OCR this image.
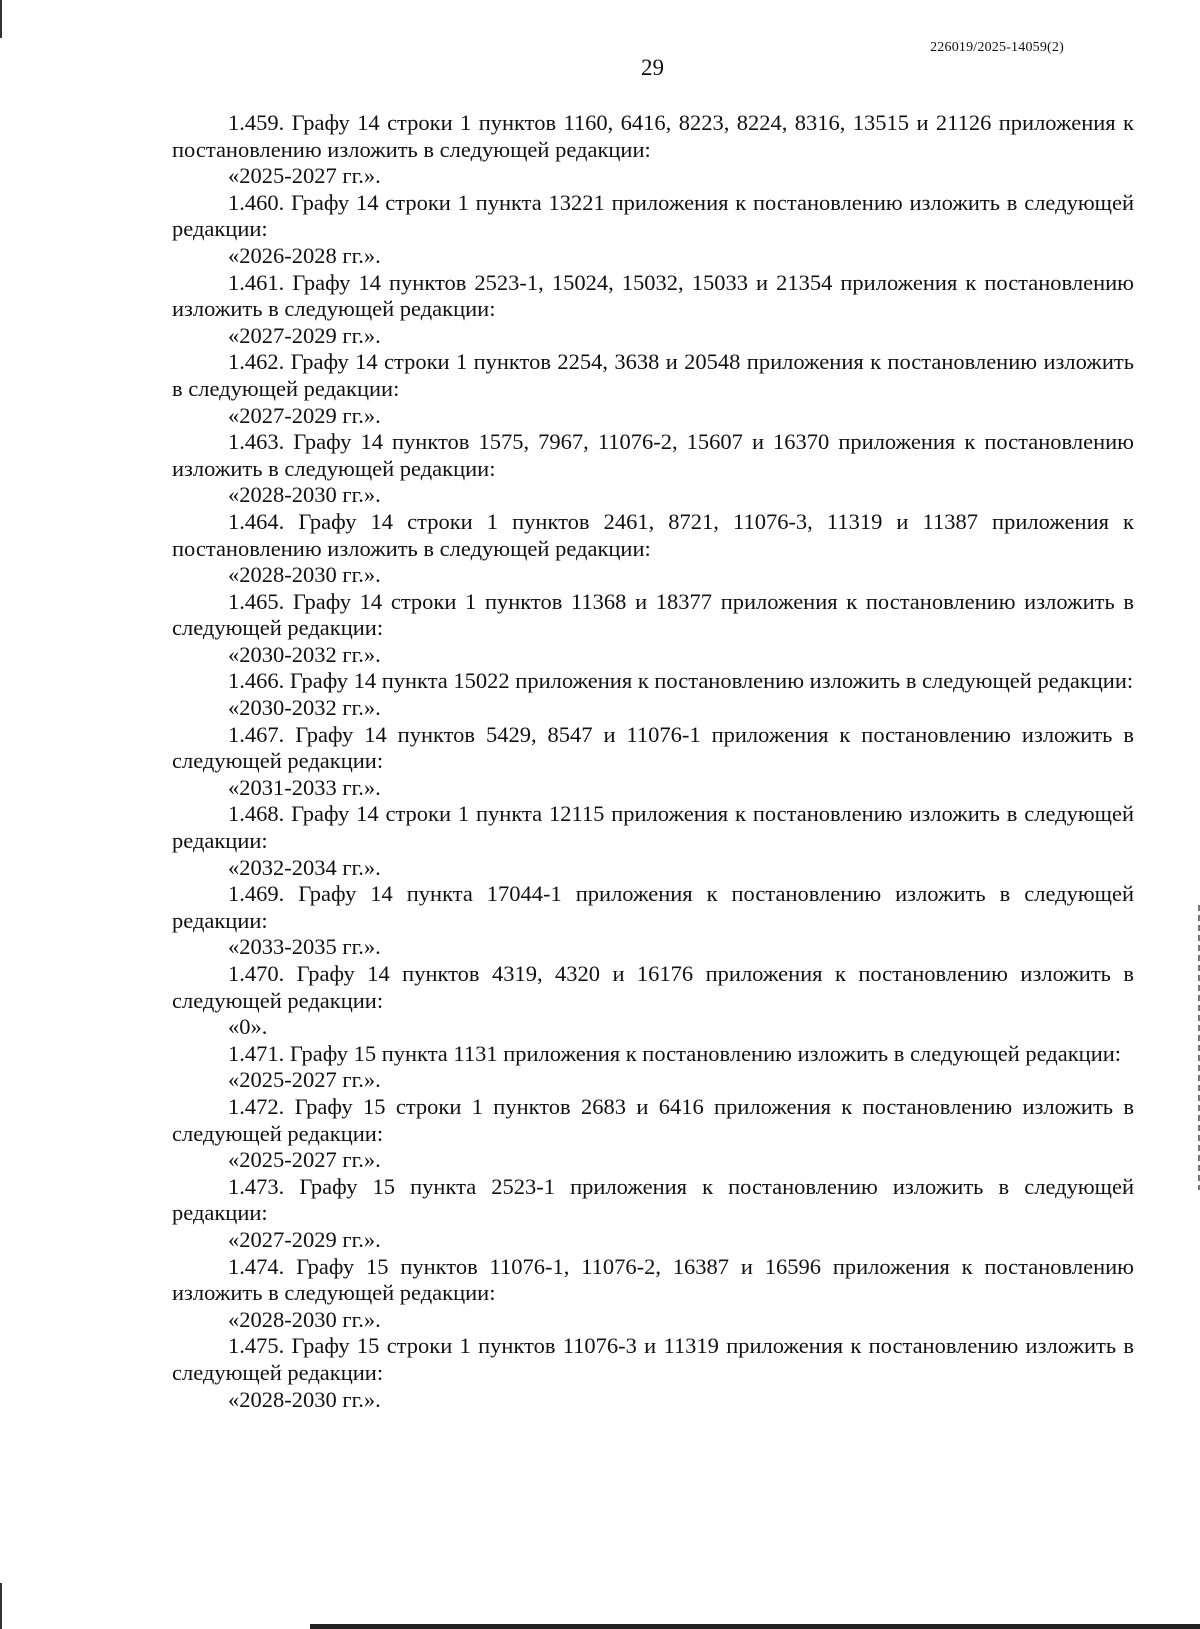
226019/2025-14059(2)
29

1.459. Графу 14 строки 1 пунктов 1160, 6416, 8223, 8224, 8316, 13515 и 21126 приложения к постановлению изложить в следующей редакции:

«2025-2027 гг.».

1.460. Графу 14 строки 1 пункта 13221 приложения к постановлению изложить в следующей редакции:

«2026-2028 гг.».

1.461. Графу 14 пунктов 2523-1, 15024, 15032, 15033 и 21354 приложения к постановлению изложить в следующей редакции:

«2027-2029 гг.».

1.462. Графу 14 строки 1 пунктов 2254, 3638 и 20548 приложения к постановлению изложить в следующей редакции:

«2027-2029 гг.».

1.463. Графу 14 пунктов 1575, 7967, 11076-2, 15607 и 16370 приложения к постановлению изложить в следующей редакции:

«2028-2030 гг.».

1.464. Графу 14 строки 1 пунктов 2461, 8721, 11076-3, 11319 и 11387 приложения к постановлению изложить в следующей редакции:

«2028-2030 гг.».

1.465. Графу 14 строки 1 пунктов 11368 и 18377 приложения к постановлению изложить в следующей редакции:

«2030-2032 гг.».

1.466. Графу 14 пункта 15022 приложения к постановлению изложить в следующей редакции:

«2030-2032 гг.».

1.467. Графу 14 пунктов 5429, 8547 и 11076-1 приложения к постановлению изложить в следующей редакции:

«2031-2033 гг.».

1.468. Графу 14 строки 1 пункта 12115 приложения к постановлению изложить в следующей редакции:

«2032-2034 гг.».

1.469. Графу 14 пункта 17044-1 приложения к постановлению изложить в следующей редакции:

«2033-2035 гг.».

1.470. Графу 14 пунктов 4319, 4320 и 16176 приложения к постановлению изложить в следующей редакции:

«0».

1.471. Графу 15 пункта 1131 приложения к постановлению изложить в следующей редакции:

«2025-2027 гг.».

1.472. Графу 15 строки 1 пунктов 2683 и 6416 приложения к постановлению изложить в следующей редакции:

«2025-2027 гг.».

1.473. Графу 15 пункта 2523-1 приложения к постановлению изложить в следующей редакции:

«2027-2029 гг.».

1.474. Графу 15 пунктов 11076-1, 11076-2, 16387 и 16596 приложения к постановлению изложить в следующей редакции:

«2028-2030 гг.».

1.475. Графу 15 строки 1 пунктов 11076-3 и 11319 приложения к постановлению изложить в следующей редакции:

«2028-2030 гг.».
